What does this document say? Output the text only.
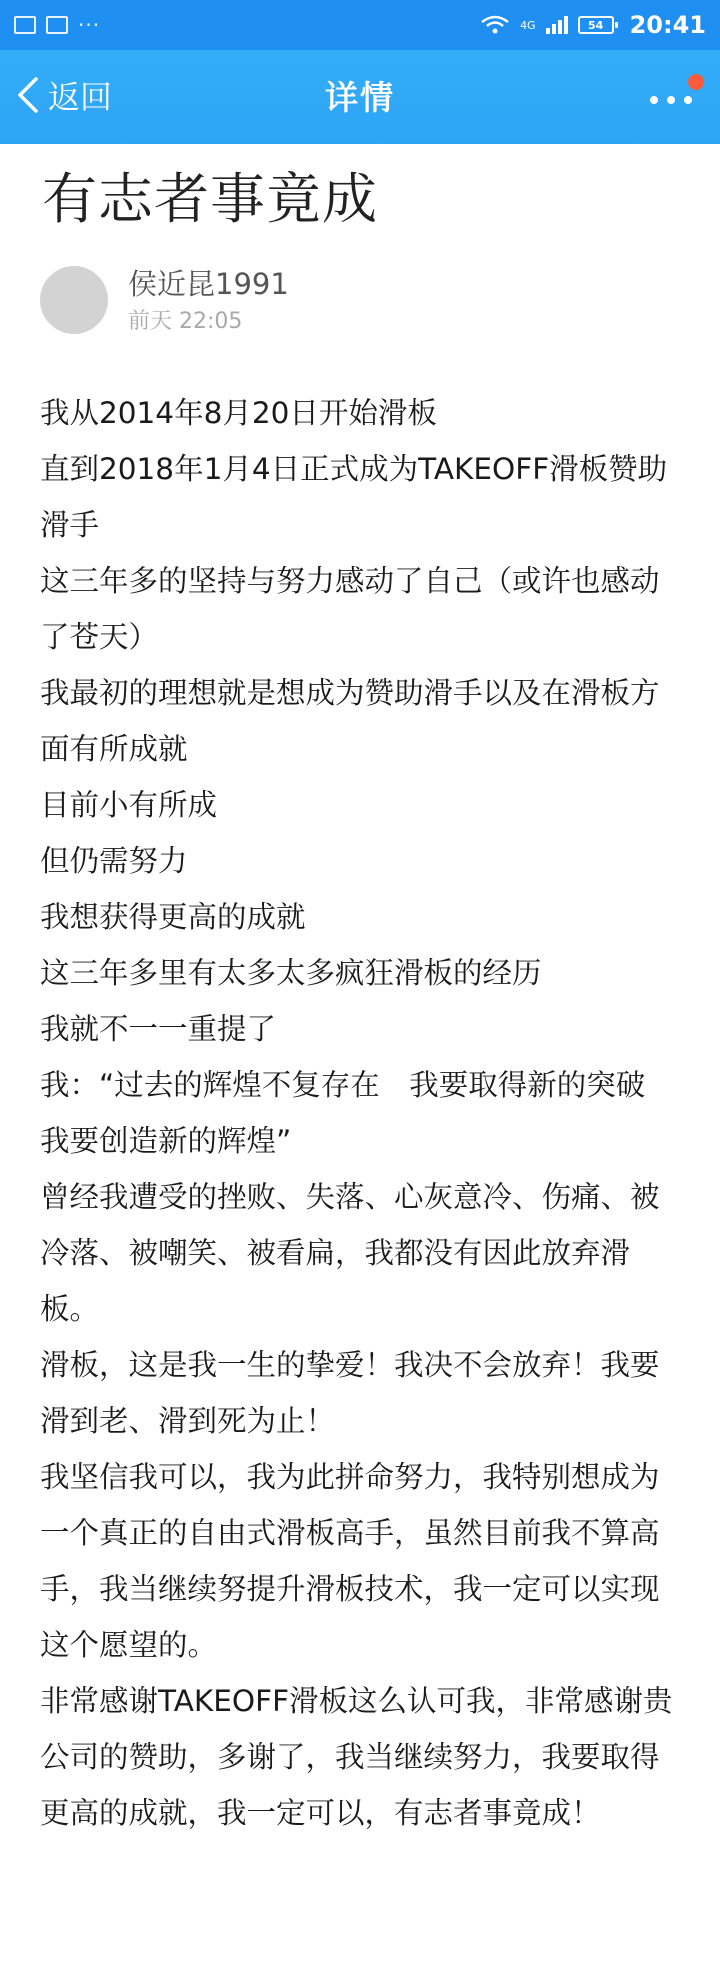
···	4G	54 20:41
返回	详情
有志者事竟成
侯近昆1991
前天 22:05

我从2014年8月20日开始滑板

直到2018年1月4日正式成为TAKEOFF滑板赞助滑手

这三年多的坚持与努力感动了自己（或许也感动了苍天）

我最初的理想就是想成为赞助滑手以及在滑板方面有所成就

目前小有所成

但仍需努力

我想获得更高的成就

这三年多里有太多太多疯狂滑板的经历

我就不一一重提了

我：“过去的辉煌不复存在　我要取得新的突破　　我要创造新的辉煌”

曾经我遭受的挫败、失落、心灰意冷、伤痛、被冷落、被嘲笑、被看扁，我都没有因此放弃滑板。

滑板，这是我一生的挚爱！我决不会放弃！我要滑到老、滑到死为止！

我坚信我可以，我为此拼命努力，我特别想成为一个真正的自由式滑板高手，虽然目前我不算高手，我当继续努提升滑板技术，我一定可以实现这个愿望的。

非常感谢TAKEOFF滑板这么认可我，非常感谢贵公司的赞助，多谢了，我当继续努力，我要取得更高的成就，我一定可以，有志者事竟成！
